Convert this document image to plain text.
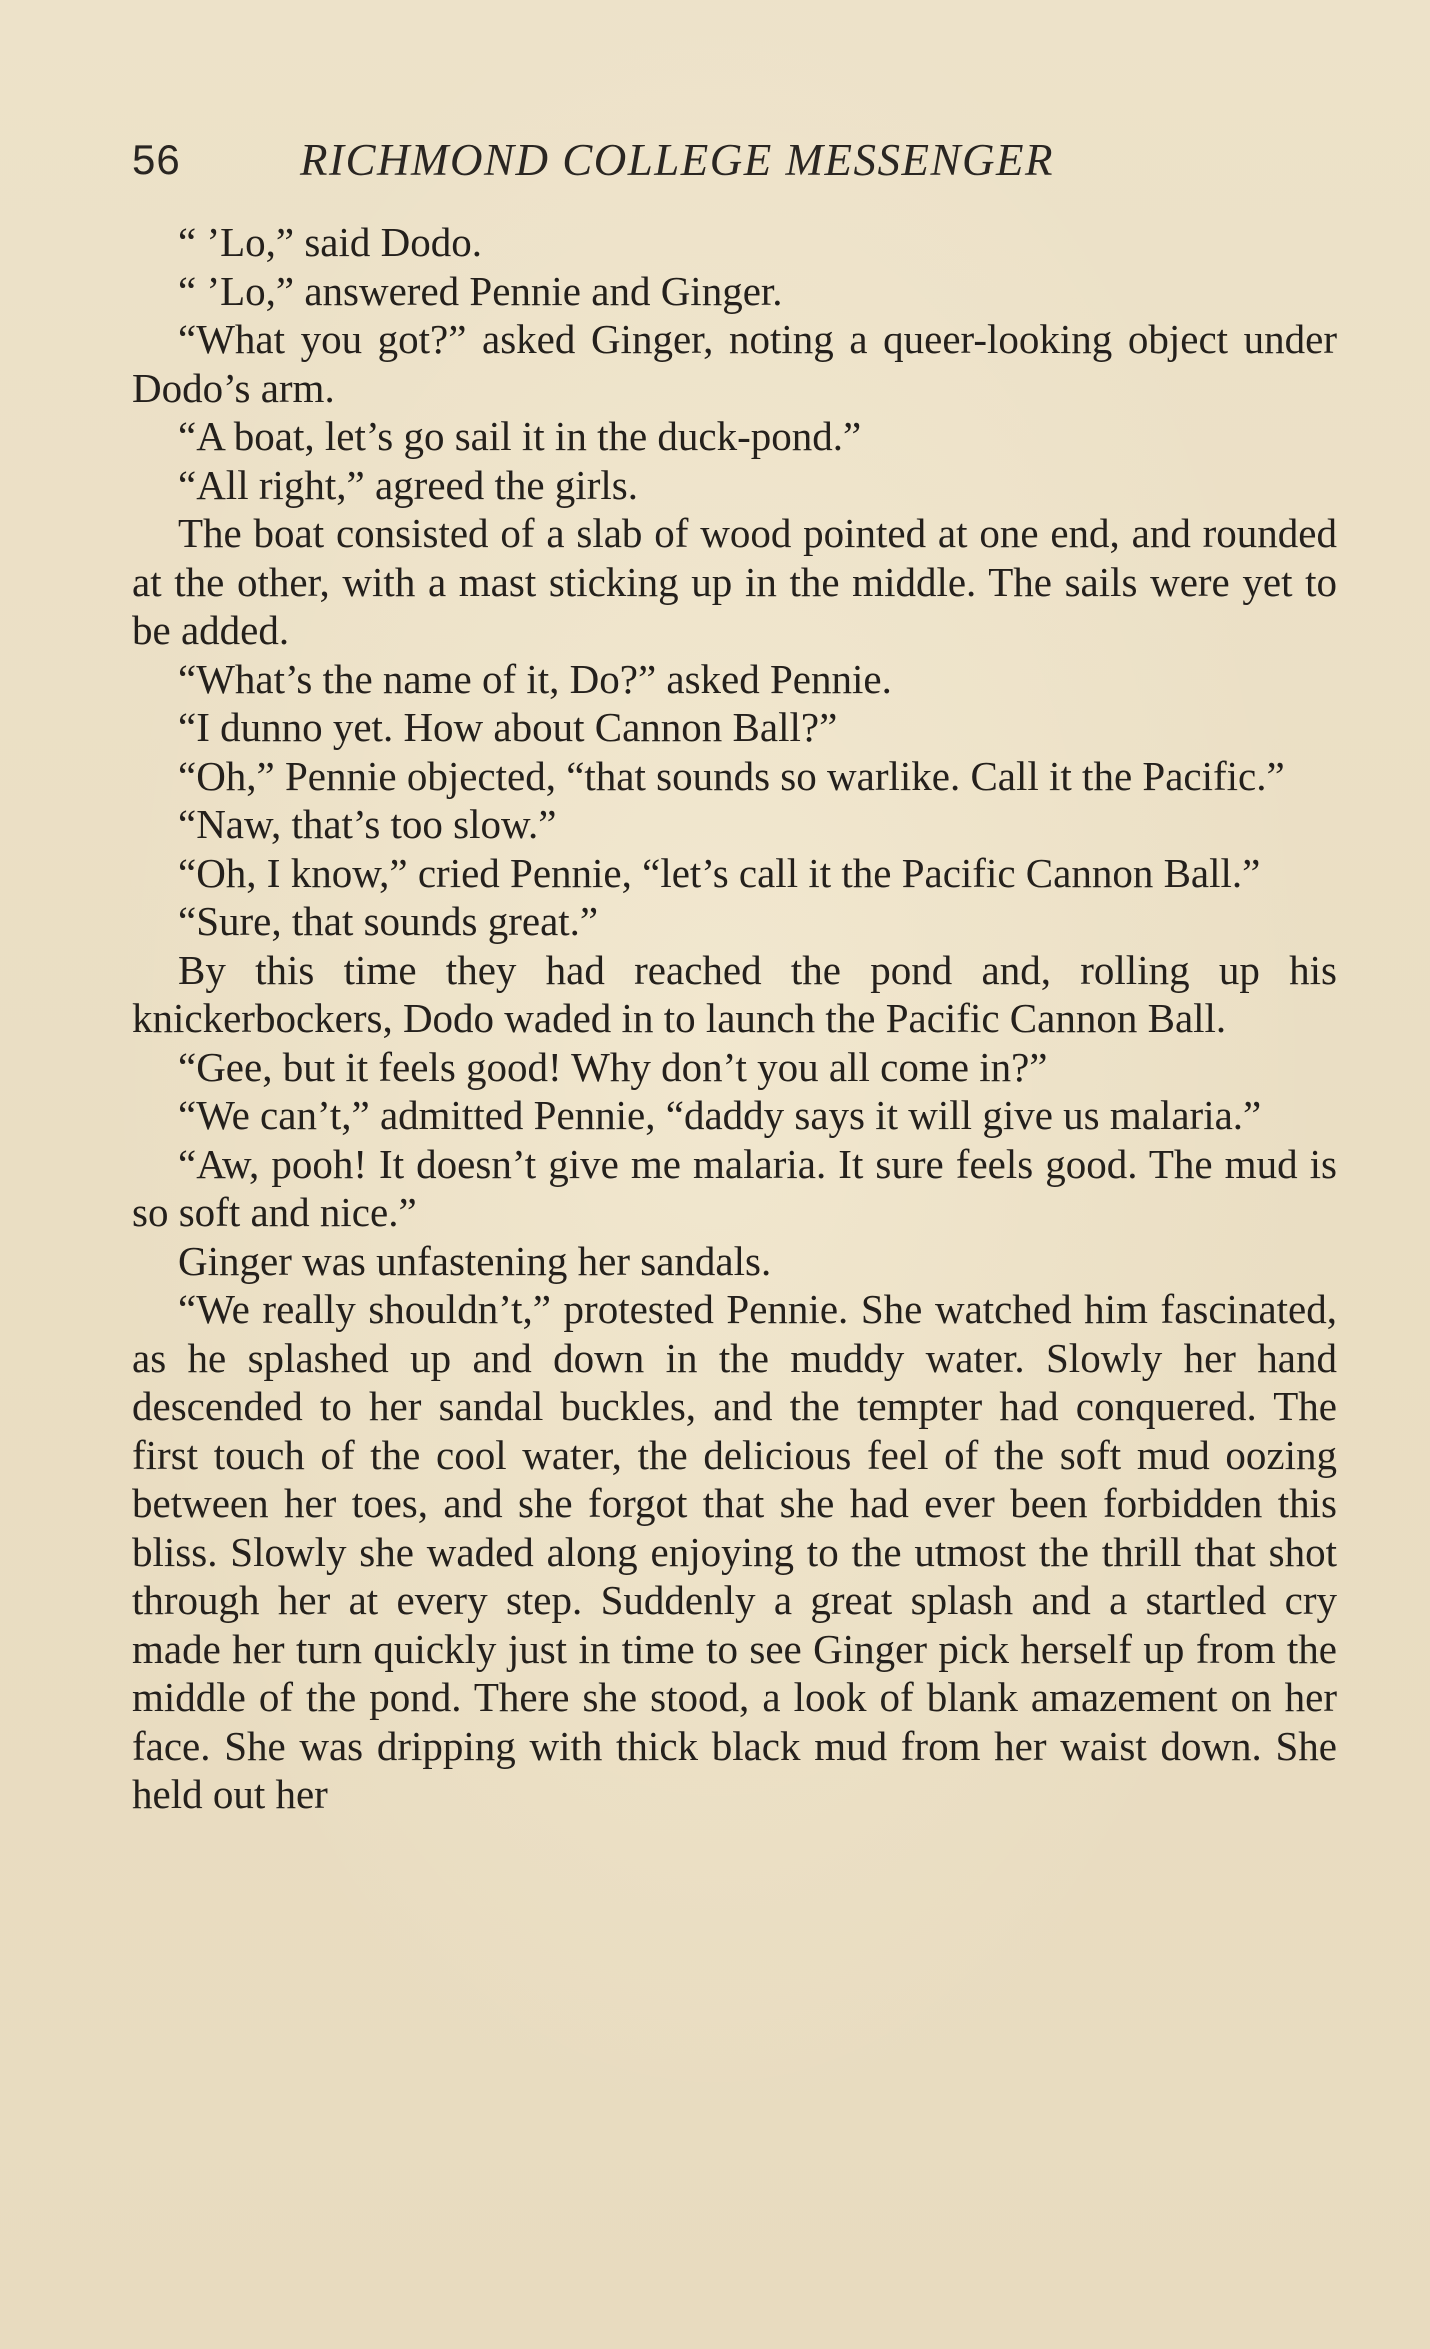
56	RICHMOND COLLEGE MESSENGER

“ ’Lo,” said Dodo.

“ ’Lo,” answered Pennie and Ginger.

“What you got?” asked Ginger, noting a queer-looking object under Dodo’s arm.

“A boat, let’s go sail it in the duck-pond.”

“All right,” agreed the girls.

The boat consisted of a slab of wood pointed at one end, and rounded at the other, with a mast sticking up in the middle. The sails were yet to be added.

“What’s the name of it, Do?” asked Pennie.

“I dunno yet. How about Cannon Ball?”

“Oh,” Pennie objected, “that sounds so warlike. Call it the Pacific.”

“Naw, that’s too slow.”

“Oh, I know,” cried Pennie, “let’s call it the Pacific Cannon Ball.”

“Sure, that sounds great.”

By this time they had reached the pond and, rolling up his knickerbockers, Dodo waded in to launch the Pacific Cannon Ball.

“Gee, but it feels good! Why don’t you all come in?”

“We can’t,” admitted Pennie, “daddy says it will give us malaria.”

“Aw, pooh! It doesn’t give me malaria. It sure feels good. The mud is so soft and nice.”

Ginger was unfastening her sandals.

“We really shouldn’t,” protested Pennie. She watched him fascinated, as he splashed up and down in the muddy water. Slowly her hand descended to her sandal buckles, and the tempter had conquered. The first touch of the cool water, the delicious feel of the soft mud oozing between her toes, and she forgot that she had ever been forbidden this bliss. Slowly she waded along enjoying to the utmost the thrill that shot through her at every step. Suddenly a great splash and a startled cry made her turn quickly just in time to see Ginger pick herself up from the middle of the pond. There she stood, a look of blank amazement on her face. She was dripping with thick black mud from her waist down. She held out her
